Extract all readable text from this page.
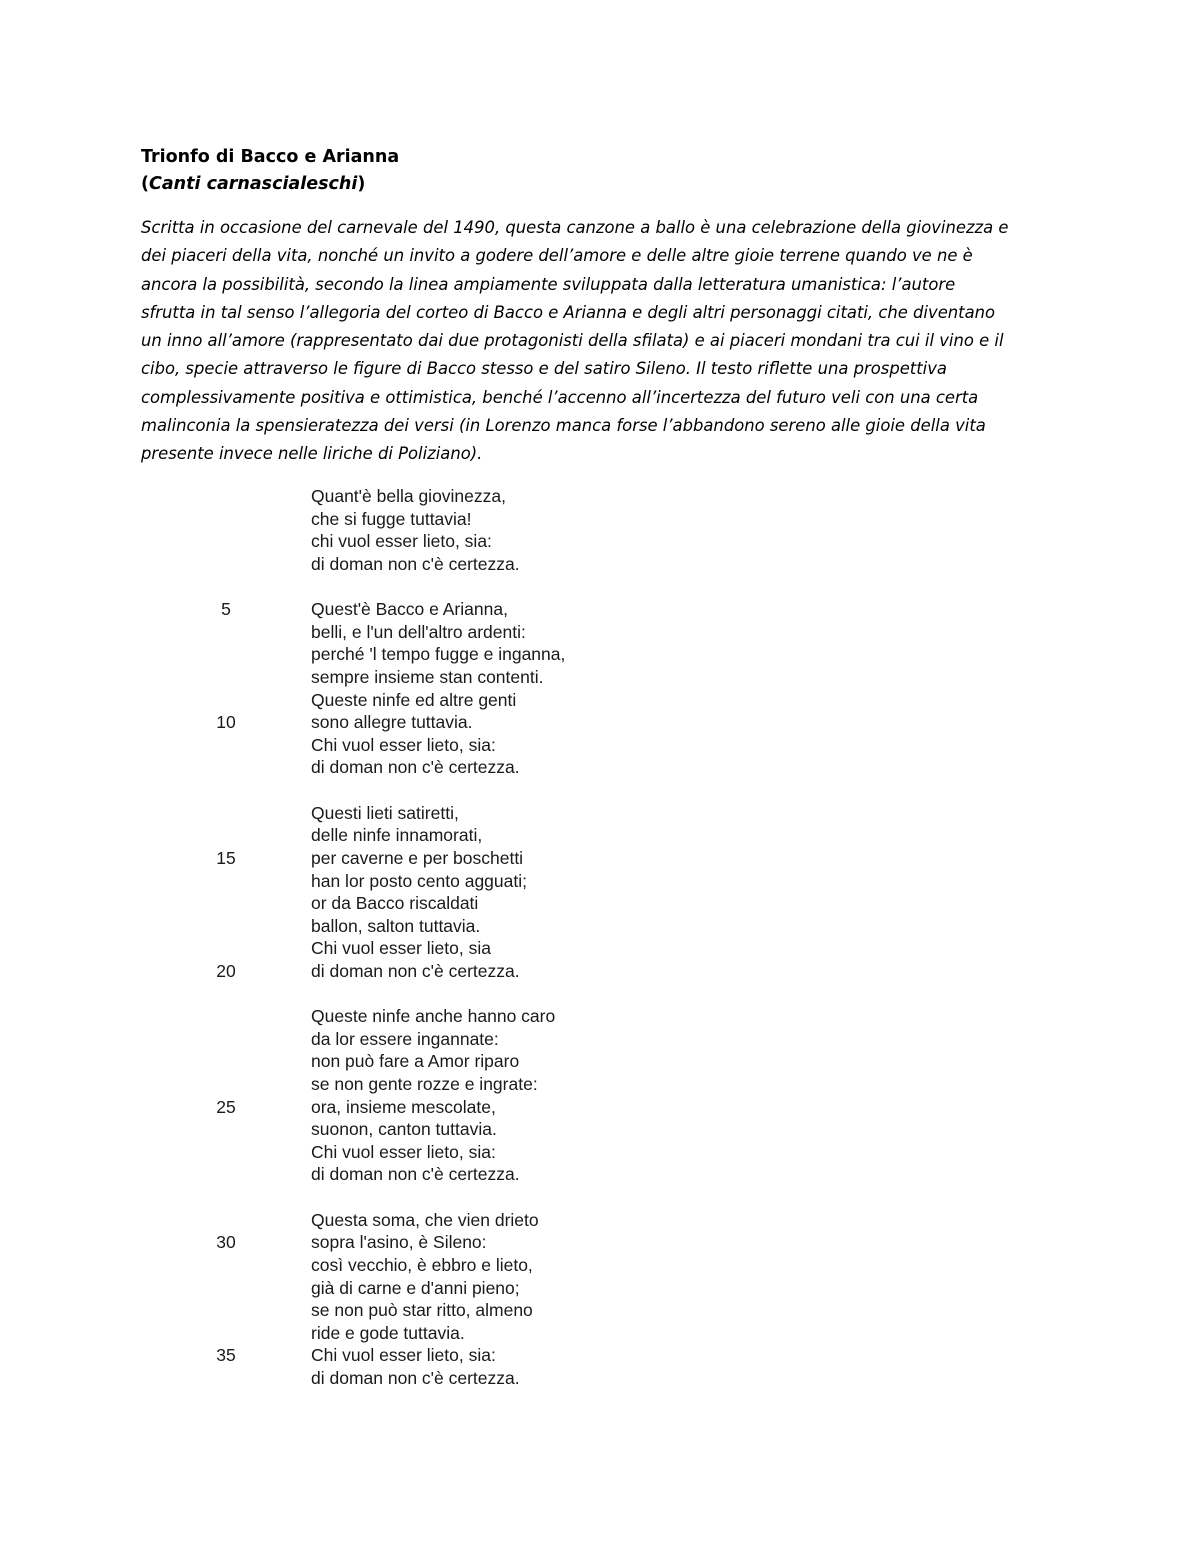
Trionfo di Bacco e Arianna
(Canti carnascialeschi)

Scritta in occasione del carnevale del 1490, questa canzone a ballo è una celebrazione della giovinezza e
dei piaceri della vita, nonché un invito a godere dell’amore e delle altre gioie terrene quando ve ne è
ancora la possibilità, secondo la linea ampiamente sviluppata dalla letteratura umanistica: l’autore
sfrutta in tal senso l’allegoria del corteo di Bacco e Arianna e degli altri personaggi citati, che diventano
un inno all’amore (rappresentato dai due protagonisti della sfilata) e ai piaceri mondani tra cui il vino e il
cibo, specie attraverso le figure di Bacco stesso e del satiro Sileno. Il testo riflette una prospettiva
complessivamente positiva e ottimistica, benché l’accenno all’incertezza del futuro veli con una certa
malinconia la spensieratezza dei versi (in Lorenzo manca forse l’abbandono sereno alle gioie della vita
presente invece nelle liriche di Poliziano).

Quant'è bella giovinezza,
che si fugge tuttavia!
chi vuol esser lieto, sia:
di doman non c'è certezza.
5	Quest'è Bacco e Arianna,
belli, e l'un dell'altro ardenti:
perché 'l tempo fugge e inganna,
sempre insieme stan contenti.
Queste ninfe ed altre genti
10	sono allegre tuttavia.
Chi vuol esser lieto, sia:
di doman non c'è certezza.
Questi lieti satiretti,
delle ninfe innamorati,
15	per caverne e per boschetti
han lor posto cento agguati;
or da Bacco riscaldati
ballon, salton tuttavia.
Chi vuol esser lieto, sia
20	di doman non c'è certezza.
Queste ninfe anche hanno caro
da lor essere ingannate:
non può fare a Amor riparo
se non gente rozze e ingrate:
25	ora, insieme mescolate,
suonon, canton tuttavia.
Chi vuol esser lieto, sia:
di doman non c'è certezza.
Questa soma, che vien drieto
30	sopra l'asino, è Sileno:
così vecchio, è ebbro e lieto,
già di carne e d'anni pieno;
se non può star ritto, almeno
ride e gode tuttavia.
35	Chi vuol esser lieto, sia:
di doman non c'è certezza.
